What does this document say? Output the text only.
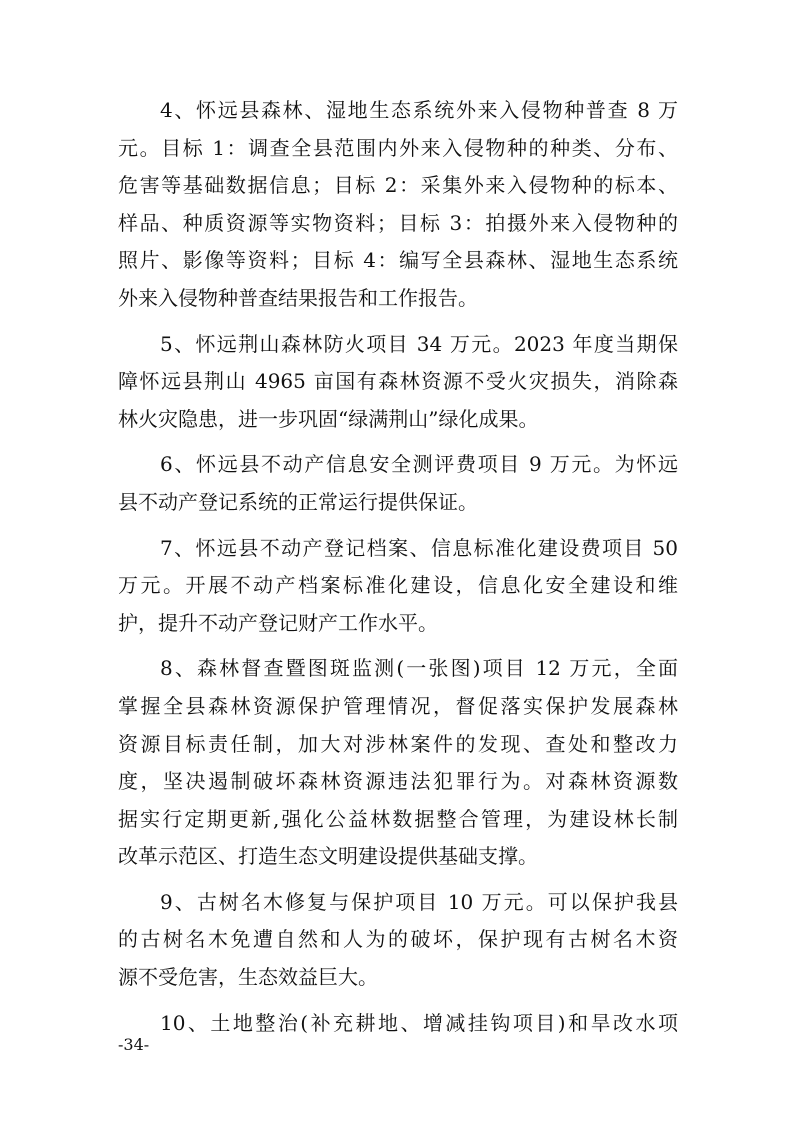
4、怀远县森林、湿地生态系统外来入侵物种普查 8 万
元。目标 1：调查全县范围内外来入侵物种的种类、分布、
危害等基础数据信息；目标 2：采集外来入侵物种的标本、
样品、种质资源等实物资料；目标 3：拍摄外来入侵物种的
照片、影像等资料；目标 4：编写全县森林、湿地生态系统
外来入侵物种普查结果报告和工作报告。
5、怀远荆山森林防火项目 34 万元。2023 年度当期保
障怀远县荆山 4965 亩国有森林资源不受火灾损失，消除森
林火灾隐患，进一步巩固“绿满荆山”绿化成果。
6、怀远县不动产信息安全测评费项目 9 万元。为怀远
县不动产登记系统的正常运行提供保证。
7、怀远县不动产登记档案、信息标准化建设费项目 50
万元。开展不动产档案标准化建设，信息化安全建设和维
护，提升不动产登记财产工作水平。
8、森林督查暨图斑监测(一张图)项目 12 万元，全面
掌握全县森林资源保护管理情况，督促落实保护发展森林
资源目标责任制，加大对涉林案件的发现、查处和整改力
度，坚决遏制破坏森林资源违法犯罪行为。对森林资源数
据实行定期更新,强化公益林数据整合管理，为建设林长制
改革示范区、打造生态文明建设提供基础支撑。
9、古树名木修复与保护项目 10 万元。可以保护我县
的古树名木免遭自然和人为的破坏，保护现有古树名木资
源不受危害，生态效益巨大。
10、土地整治(补充耕地、增减挂钩项目)和旱改水项
-34-
